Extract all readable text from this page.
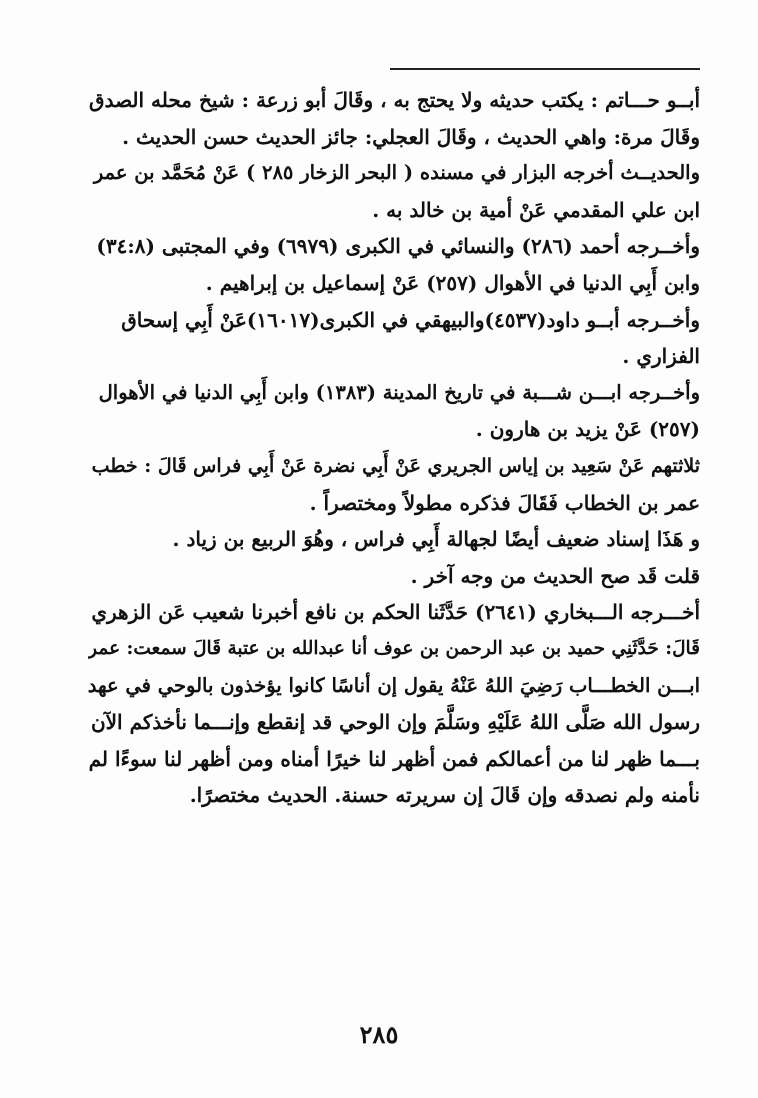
أبــو حـــاتم : يكتب حديثه ولا يحتج به ، وقَالَ أبو زرعة : شيخ محله الصدق
وقَالَ مرة: واهي الحديث ، وقَالَ العجلي: جائز الحديث حسن الحديث .
والحديــث أخرجه البزار في مسنده ( البحر الزخار ٢٨٥ ) عَنْ مُحَمَّد بن عمر
ابن علي المقدمي عَنْ أمية بن خالد به .
وأخــرجه أحمد (٢٨٦) والنسائي في الكبرى (٦٩٧٩) وفي المجتبى (٣٤:٨)
وابن أَبِي الدنيا في الأهوال (٢٥٧) عَنْ إسماعيل بن إبراهيم .
وأخــرجه أبــو داود(٤٥٣٧)والبيهقي في الكبرى(١٦٠١٧)عَنْ أَبِي إسحاق
الفزاري .
وأخــرجه ابـــن شـــبة في تاريخ المدينة (١٣٨٣) وابن أَبِي الدنيا في الأهوال
(٢٥٧) عَنْ يزيد بن هارون .
ثلاثتهم عَنْ سَعِيد بن إياس الجريري عَنْ أَبِي نضرة عَنْ أَبِي فراس قَالَ : خطب
عمر بن الخطاب فَقَالَ فذكره مطولاً ومختصراً .
و هَذَا إسناد ضعيف أيضًا لجهالة أَبِي فراس ، وهُوَ الربيع بن زياد .
قلت قَد صح الحديث من وجه آخر .
أخـــرجه الـــبخاري (٢٦٤١) حَدَّثَنا الحكم بن نافع أخبرنا شعيب عَن الزهري
قَالَ: حَدَّثَنِي حميد بن عبد الرحمن بن عوف أنا عبدالله بن عتبة قَالَ سمعت: عمر
ابـــن الخطـــاب رَضِيَ اللهُ عَنْهُ يقول إن أناسًا كانوا يؤخذون بالوحي في عهد
رسول الله صَلَّى اللهُ عَلَيْهِ وسَلَّمَ وإن الوحي قد إنقطع وإنـــما نأخذكم الآن
بـــما ظهر لنا من أعمالكم فمن أظهر لنا خيرًا أمناه ومن أظهر لنا سوءًا لم
نأمنه ولم نصدقه وإن قَالَ إن سريرته حسنة. الحديث مختصرًا.
٢٨٥
